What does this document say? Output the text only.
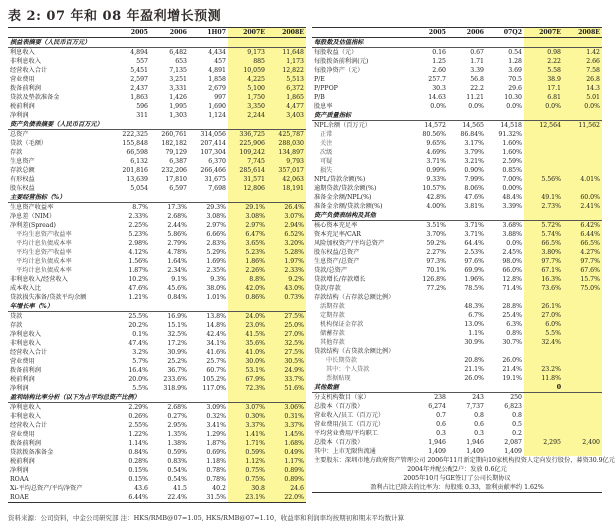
表 2: 07 年和 08 年盈利增长预测
	2005	2006	1H07	2007E	2008E
损益表摘要（人民币百万元）					
利息收入	4,894	6,482	4,434	9,173	11,648
非利息收入	557	653	457	885	1,173
经营收入合计	5,451	7,135	4,891	10,059	12,822
营业费用	2,597	3,251	1,858	4,225	5,513
拨备前利润	2,437	3,331	2,679	5,100	6,372
贷款及垫款准备金	1,863	1,426	997	1,750	1,865
税前利润	596	1,995	1,690	3,350	4,477
净利润	311	1,303	1,124	2,244	3,403
资产负债表摘要（人民币百万元）					
总资产	222,325	260,761	314,056	336,725	425,787
贷款（毛额）	155,848	182,182	207,414	225,906	288,030
存款	66,598	79,129	107,304	109,242	134,897
生息资产	6,132	6,387	6,370	7,745	9,793
存款总额	201,816	232,206	266,466	285,614	357,017
有形权益	13,639	17,810	31,675	31,571	42,063
股东权益	5,054	6,597	7,698	12,806	18,191
主要经营指标（%）					
生息资产收益率	8.7%	17.3%	29.3%	29.1%	26.4%
净息差（NIM）	2.33%	2.68%	3.08%	3.08%	3.07%
净利差(Spread)	2.25%	2.44%	2.97%	2.97%	2.94%
平均生息资产收益率	5.23%	5.86%	6.66%	6.47%	6.52%
平均计息负债成本率	2.98%	2.79%	2.83%	3.65%	3.20%
平均生息资产收益率	4.12%	4.78%	5.29%	5.23%	5.28%
平均计息负债成本率	1.56%	1.64%	1.69%	1.86%	1.97%
平均计息负债成本率	1.87%	2.34%	2.35%	2.26%	2.33%
非利息收入/经营收入	10.2%	9.1%	9.3%	8.8%	9.2%
成本收入比	47.6%	45.6%	38.0%	42.0%	43.0%
贷款损失准备/贷款平均余额	1.21%	0.84%	1.01%	0.86%	0.73%
年增长率（%）					
贷款	25.5%	16.9%	13.8%	24.0%	27.5%
存款	20.2%	15.1%	14.8%	23.0%	25.0%
净利息收入	0.1%	32.5%	42.4%	41.5%	27.0%
非利息收入	47.4%	17.2%	34.1%	35.6%	32.5%
经营收入合计	3.2%	30.9%	41.6%	41.0%	27.5%
营业费用	5.7%	25.2%	25.7%	30.0%	30.5%
拨备前利润	16.4%	36.7%	60.7%	53.1%	24.9%
税前利润	20.0%	233.6%	105.2%	67.9%	33.7%
净利润	5.5%	318.9%	117.0%	72.3%	51.6%
盈利结构比率分析（以下为占平均总资产比例）					
净利息收入	2.29%	2.68%	3.09%	3.07%	3.06%
非利息收入	0.26%	0.27%	0.32%	0.30%	0.31%
经营收入合计	2.55%	2.95%	3.41%	3.37%	3.37%
营业费用	1.22%	1.35%	1.29%	1.41%	1.45%
拨备前利润	1.14%	1.38%	1.87%	1.71%	1.68%
贷款拨备准备金	0.84%	0.59%	0.69%	0.59%	0.49%
税前利润	0.28%	0.83%	1.18%	1.12%	1.17%
净利润	0.15%	0.54%	0.78%	0.75%	0.89%
ROAA	0.15%	0.54%	0.78%	0.75%	0.89%
Xi-平均总资产/平均净资产	43.6	41.5	40.2	30.8	24.6
ROAE	6.44%	22.4%	31.5%	23.1%	22.0%
	2005	2006	07Q2	2007E	2008E
每股数及估值指标					
每股收益（元）	0.16	0.67	0.54	0.98	1.42
每股拨备前利润(元)	1.25	1.71	1.28	2.22	2.66
每股净资产（元）	2.60	3.39	3.69	5.58	7.58
P/E	257.7	56.8	70.5	38.9	26.8
P/PPOP	30.3	22.2	29.6	17.1	14.3
P/B	14.63	11.21	10.30	6.81	5.01
股息率	0.0%	0.0%	0.0%	0.0%	0.0%
资产质量指标					
NPL余额（百万元）	14,572	14,565	14,518	12,564	11,562
正常	80.56%	86.84%	91.32%		
关注	9.65%	3.17%	1.60%		
次级	4.69%	3.79%	1.60%		
可疑	3.71%	3.21%	2.59%		
损失	0.99%	0.90%	0.85%		
NPL/贷款余额(%)	9.33%	7.99%	7.00%	5.56%	4.01%
逾期贷款/贷款余额(%)	10.57%	8.06%	0.00%		
准备金余额/NPL(%)	42.8%	47.6%	48.4%	49.1%	60.0%
准备金余额/贷款余额(%)	4.00%	3.81%	3.39%	2.73%	2.41%
资产负债表结构及其他					
核心资本充足率	3.51%	3.71%	3.68%	5.72%	6.42%
资本充足率/CAR	3.70%	3.71%	3.88%	5.74%	6.44%
风险加权资产/平均总资产	59.2%	64.4%	0.0%	66.5%	66.5%
股东权益/总资产	2.27%	2.53%	2.45%	3.80%	4.27%
生息资产/总资产	97.3%	97.6%	98.0%	97.7%	97.7%
贷款/总资产	70.1%	69.9%	66.0%	67.1%	67.6%
贷款增长/存款增长	126.8%	1.96%	12.8%	16.3%	15.7%
贷款/存款	77.2%	78.5%	71.4%	73.6%	75.0%
存款结构（占存款总额比例）					
活期存款		48.3%	28.8%	26.1%	
定期存款		6.7%	25.4%	27.0%	
机构保证金存款		13.0%	6.3%	6.0%	
储蓄存款		1.1%	0.8%	5.5%	
其他存款		30.9%	30.7%	32.4%	
贷款结构（占贷款余额比例）					
中长期贷款		20.8%	26.0%		
其中：个人贷款		21.1%	21.4%	23.2%	
票据贴现		26.0%	19.1%	11.8%	
其他数据				0	
分支机构数目（家）	238	243	250		
总股本（百万股）	6,274	7,737	6,823		
营业收入/员工（百万元）	0.7	0.8	0.8		
营业费用/员工（百万元）	0.6	0.6	0.5		
平均营业费用/平均职工	0.3	0.3	0.2		
总股本（百万股）	1,946	1,946	2,087	2,295	2,400
其中：上市无限售流通	1,409	1,409	1,409		
主要股东：深圳市地方政府资产管理公司 2006年11月新定期向10家机构投资人定向发行股份，募资30.9亿元					
2004年并配公配2户：发放 0.6亿元					
2005年10月与GE签订了公司长期协议					
盈利占比已除去的比率为：每股账 0.33，盈利贡献率约 1.62%					
资料来源：公司资料，中金公司研究部 注：HKS/RMB@07=1.05, HKS/RMB@07=1.10，收益率和利润率均按期初和期末平均数计算
